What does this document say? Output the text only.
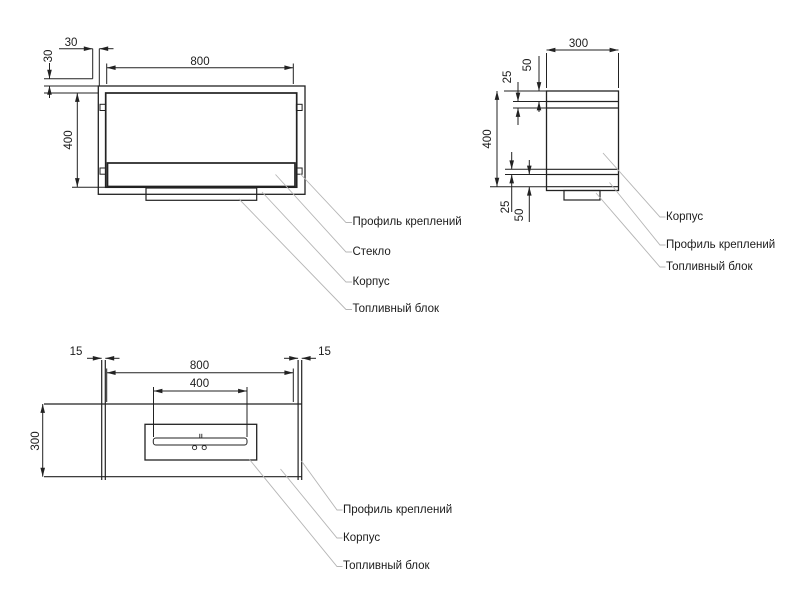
30
30	800
400
300
50
25
400
25
50
15	15
800
400
300
Профиль креплений
Стекло
Корпус
Топливный блок
Корпус
Профиль креплений
Топливный блок
Профиль креплений
Корпус
Топливный блок
